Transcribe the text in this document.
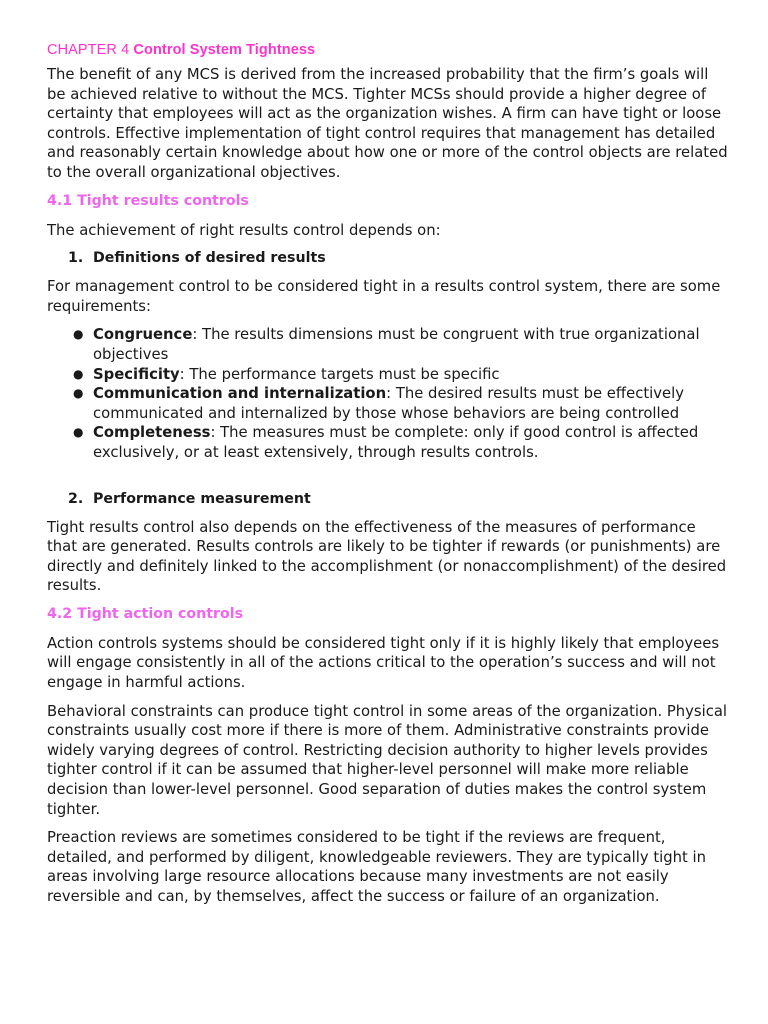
CHAPTER 4 Control System Tightness

The benefit of any MCS is derived from the increased probability that the firm’s goals will be achieved relative to without the MCS. Tighter MCSs should provide a higher degree of certainty that employees will act as the organization wishes. A firm can have tight or loose controls. Effective implementation of tight control requires that management has detailed and reasonably certain knowledge about how one or more of the control objects are related to the overall organizational objectives.

4.1 Tight results controls

The achievement of right results control depends on:

1. Definitions of desired results

For management control to be considered tight in a results control system, there are some requirements:

● Congruence: The results dimensions must be congruent with true organizational objectives
● Specificity: The performance targets must be specific
● Communication and internalization: The desired results must be effectively communicated and internalized by those whose behaviors are being controlled
● Completeness: The measures must be complete: only if good control is affected exclusively, or at least extensively, through results controls.
2. Performance measurement

Tight results control also depends on the effectiveness of the measures of performance that are generated. Results controls are likely to be tighter if rewards (or punishments) are directly and definitely linked to the accomplishment (or nonaccomplishment) of the desired results.

4.2 Tight action controls

Action controls systems should be considered tight only if it is highly likely that employees will engage consistently in all of the actions critical to the operation’s success and will not engage in harmful actions.

Behavioral constraints can produce tight control in some areas of the organization. Physical constraints usually cost more if there is more of them. Administrative constraints provide widely varying degrees of control. Restricting decision authority to higher levels provides tighter control if it can be assumed that higher-level personnel will make more reliable decision than lower-level personnel. Good separation of duties makes the control system tighter.

Preaction reviews are sometimes considered to be tight if the reviews are frequent, detailed, and performed by diligent, knowledgeable reviewers. They are typically tight in areas involving large resource allocations because many investments are not easily reversible and can, by themselves, affect the success or failure of an organization.
